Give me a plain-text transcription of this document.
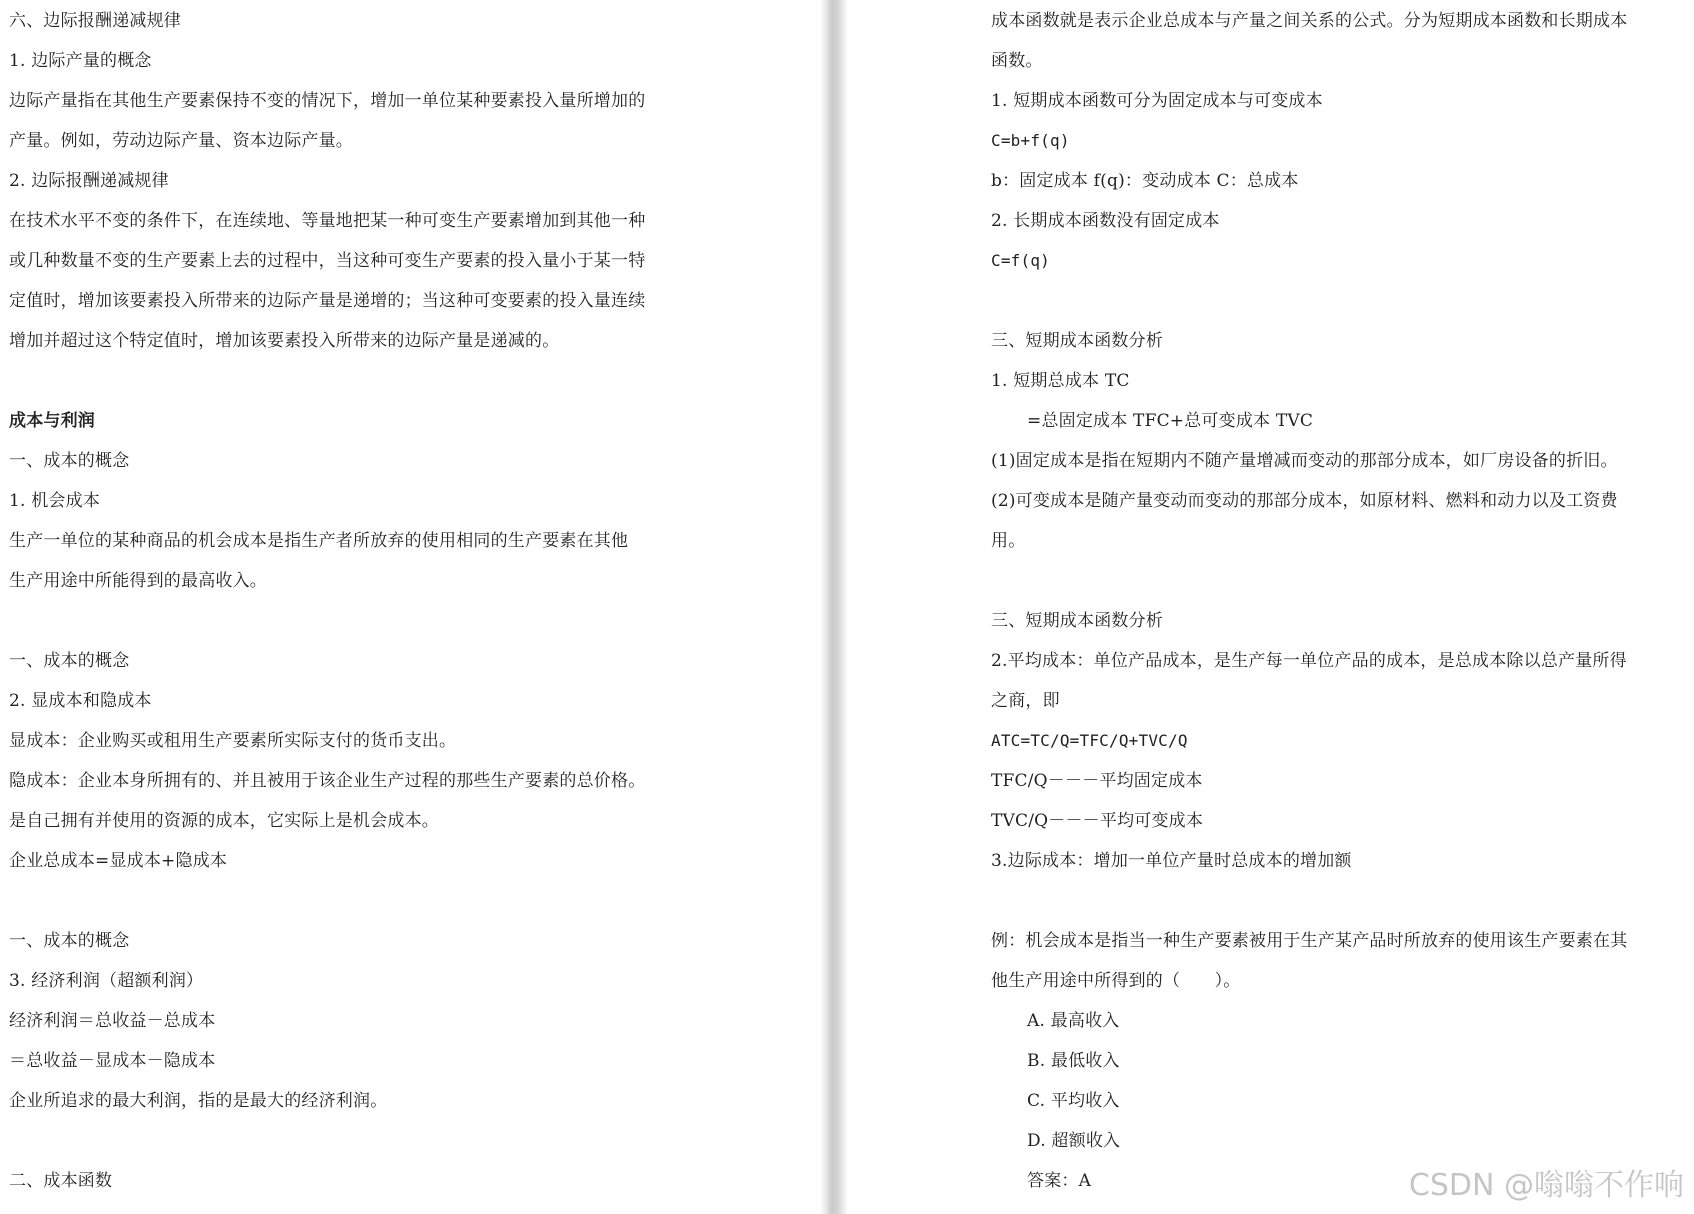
六、边际报酬递减规律
1. 边际产量的概念
边际产量指在其他生产要素保持不变的情况下，增加一单位某种要素投入量所增加的
产量。例如，劳动边际产量、资本边际产量。
2. 边际报酬递减规律
在技术水平不变的条件下，在连续地、等量地把某一种可变生产要素增加到其他一种
或几种数量不变的生产要素上去的过程中，当这种可变生产要素的投入量小于某一特
定值时，增加该要素投入所带来的边际产量是递增的；当这种可变要素的投入量连续
增加并超过这个特定值时，增加该要素投入所带来的边际产量是递减的。
成本与利润
一、成本的概念
1. 机会成本
生产一单位的某种商品的机会成本是指生产者所放弃的使用相同的生产要素在其他
生产用途中所能得到的最高收入。
一、成本的概念
2. 显成本和隐成本
显成本：企业购买或租用生产要素所实际支付的货币支出。
隐成本：企业本身所拥有的、并且被用于该企业生产过程的那些生产要素的总价格。
是自己拥有并使用的资源的成本，它实际上是机会成本。
企业总成本=显成本+隐成本
一、成本的概念
3. 经济利润（超额利润）
经济利润＝总收益－总成本
＝总收益－显成本－隐成本
企业所追求的最大利润，指的是最大的经济利润。
二、成本函数
成本函数就是表示企业总成本与产量之间关系的公式。分为短期成本函数和长期成本
函数。
1. 短期成本函数可分为固定成本与可变成本
C=b+f(q)
b：固定成本 f(q)：变动成本 C：总成本
2. 长期成本函数没有固定成本
C=f(q)
三、短期成本函数分析
1. 短期总成本 TC
=总固定成本 TFC+总可变成本 TVC
(1)固定成本是指在短期内不随产量增减而变动的那部分成本，如厂房设备的折旧。
(2)可变成本是随产量变动而变动的那部分成本，如原材料、燃料和动力以及工资费
用。
三、短期成本函数分析
2.平均成本：单位产品成本，是生产每一单位产品的成本，是总成本除以总产量所得
之商，即
ATC=TC/Q=TFC/Q+TVC/Q
TFC/Q－－－平均固定成本
TVC/Q－－－平均可变成本
3.边际成本：增加一单位产量时总成本的增加额
例：机会成本是指当一种生产要素被用于生产某产品时所放弃的使用该生产要素在其
他生产用途中所得到的（　　）。
A. 最高收入
B. 最低收入
C. 平均收入
D. 超额收入
答案：A	CSDN @嗡嗡不作响
